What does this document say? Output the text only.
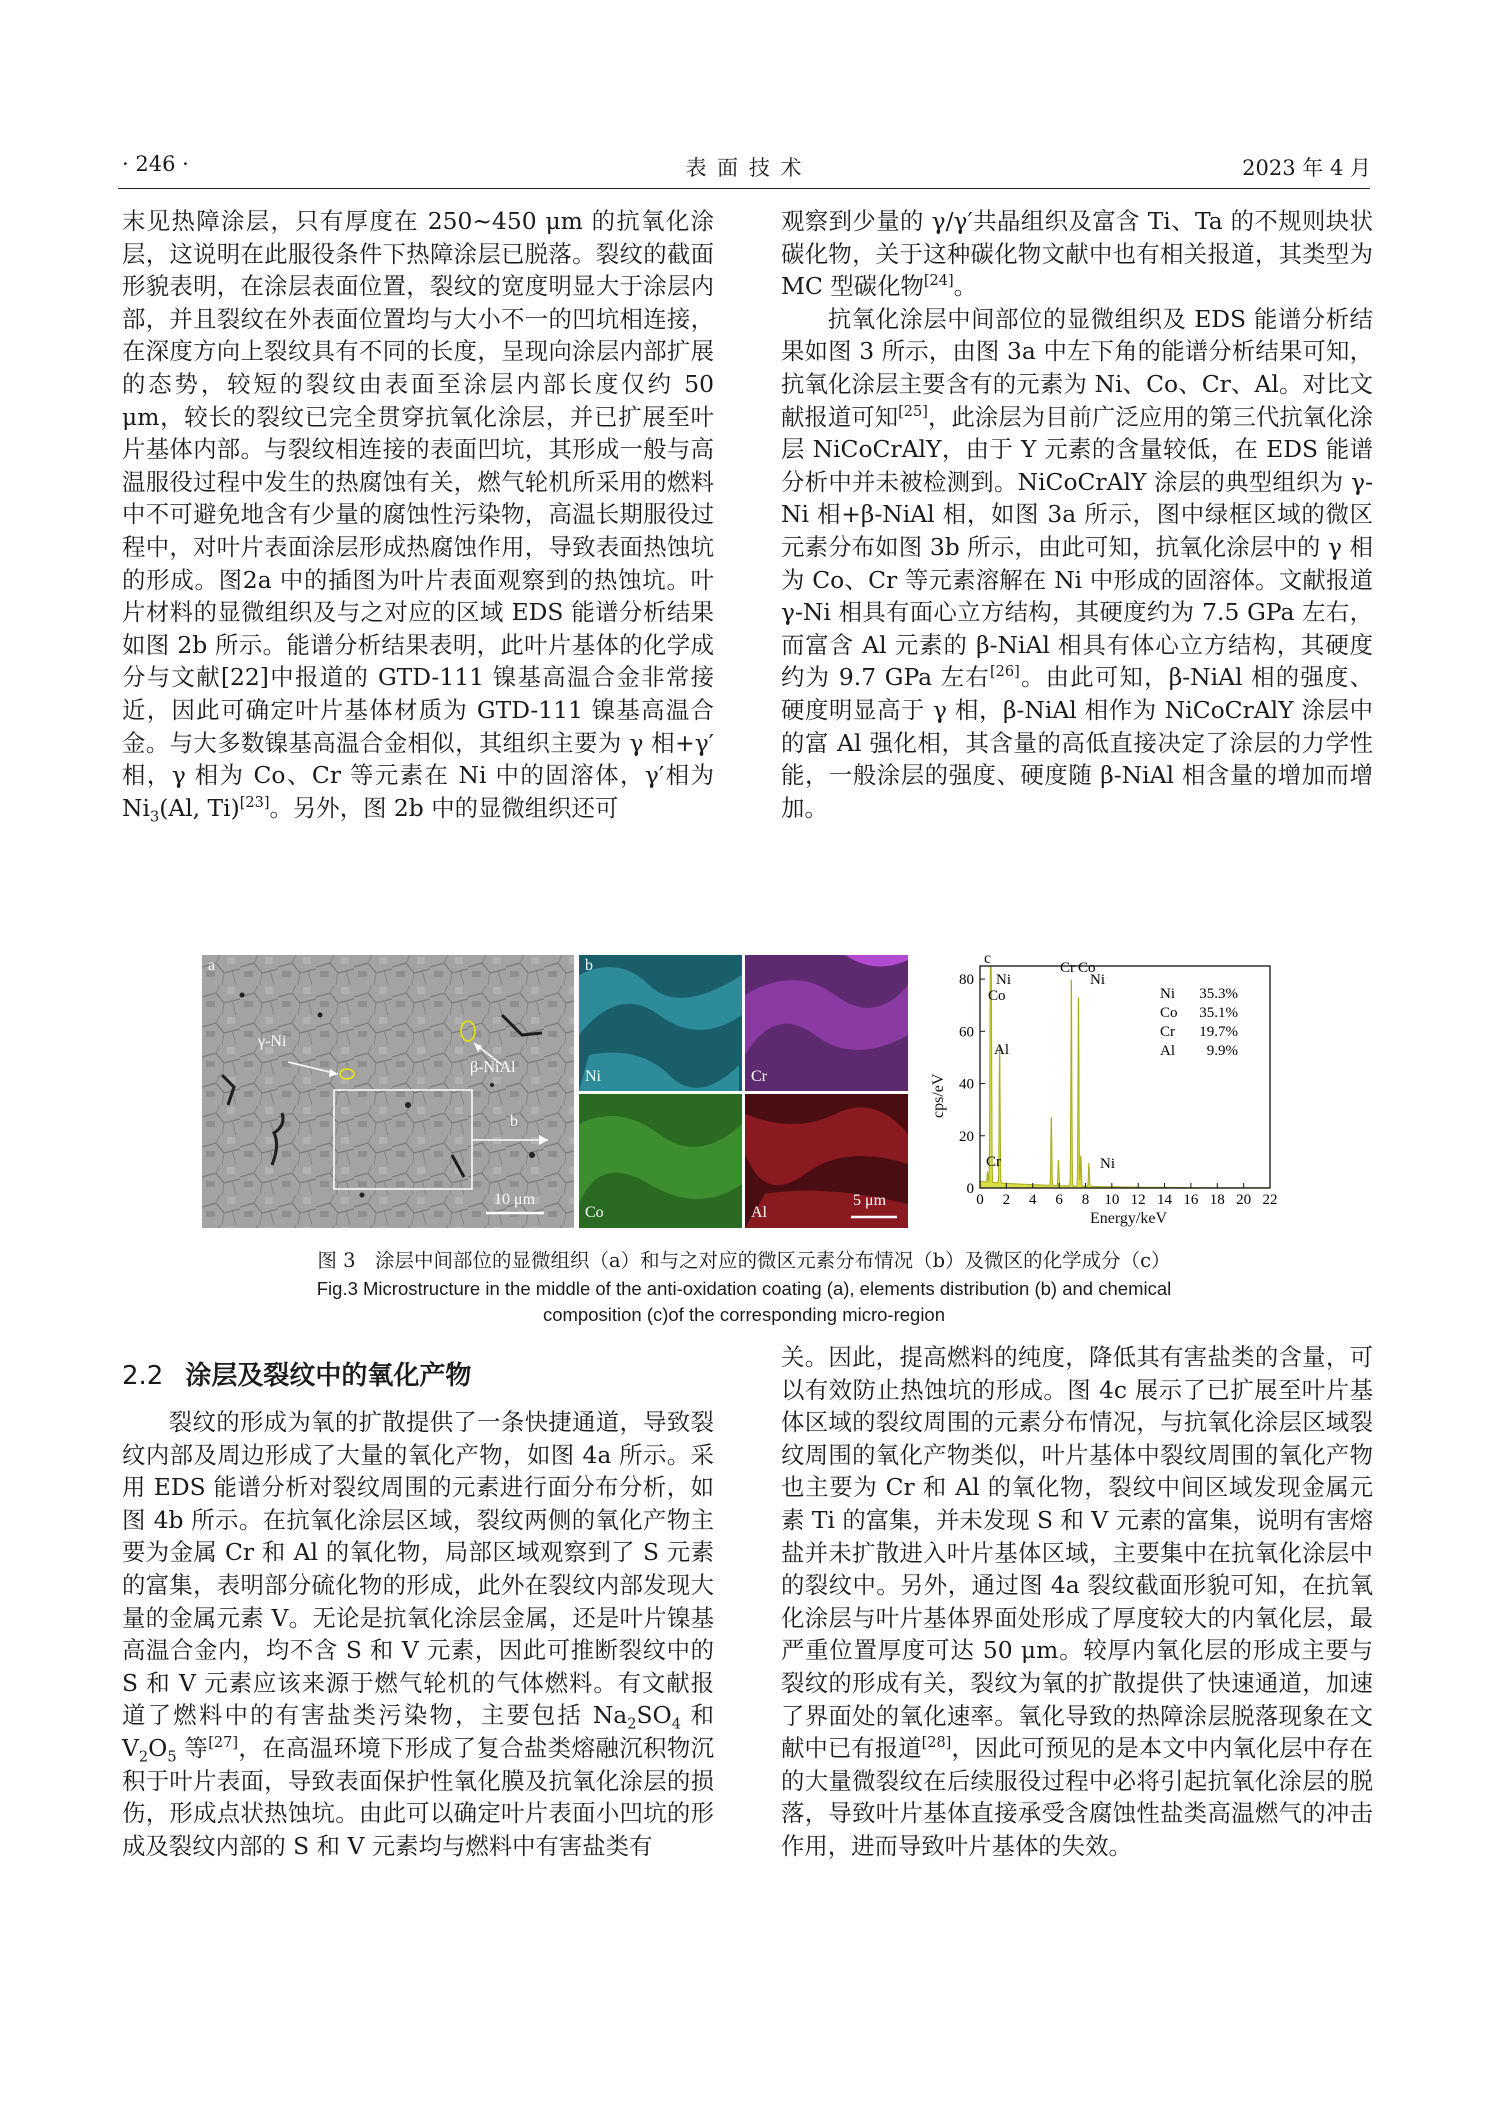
· 246 ·	表 面 技 术	2023 年 4 月

末见热障涂层，只有厚度在 250~450 μm 的抗氧化涂层，这说明在此服役条件下热障涂层已脱落。裂纹的截面形貌表明，在涂层表面位置，裂纹的宽度明显大于涂层内部，并且裂纹在外表面位置均与大小不一的凹坑相连接，在深度方向上裂纹具有不同的长度，呈现向涂层内部扩展的态势，较短的裂纹由表面至涂层内部长度仅约 50 μm，较长的裂纹已完全贯穿抗氧化涂层，并已扩展至叶片基体内部。与裂纹相连接的表面凹坑，其形成一般与高温服役过程中发生的热腐蚀有关，燃气轮机所采用的燃料中不可避免地含有少量的腐蚀性污染物，高温长期服役过程中，对叶片表面涂层形成热腐蚀作用，导致表面热蚀坑的形成。图2a 中的插图为叶片表面观察到的热蚀坑。叶片材料的显微组织及与之对应的区域 EDS 能谱分析结果如图 2b 所示。能谱分析结果表明，此叶片基体的化学成分与文献[22]中报道的 GTD-111 镍基高温合金非常接近，因此可确定叶片基体材质为 GTD-111 镍基高温合金。与大多数镍基高温合金相似，其组织主要为 γ 相+γ′相，γ 相为 Co、Cr 等元素在 Ni 中的固溶体，γ′相为 $Ni_3(Al$, Ti)[23]。另外，图 2b 中的显微组织还可

观察到少量的 γ/γ′共晶组织及富含 Ti、Ta 的不规则块状碳化物，关于这种碳化物文献中也有相关报道，其类型为 MC 型碳化物[24]。

抗氧化涂层中间部位的显微组织及 EDS 能谱分析结果如图 3 所示，由图 3a 中左下角的能谱分析结果可知，抗氧化涂层主要含有的元素为 Ni、Co、Cr、Al。对比文献报道可知[25]，此涂层为目前广泛应用的第三代抗氧化涂层 NiCoCrAlY，由于 Y 元素的含量较低，在 EDS 能谱分析中并未被检测到。NiCoCrAlY 涂层的典型组织为 γ-Ni 相+β-NiAl 相，如图 3a 所示，图中绿框区域的微区元素分布如图 3b 所示，由此可知，抗氧化涂层中的 γ 相为 Co、Cr 等元素溶解在 Ni 中形成的固溶体。文献报道 γ-Ni 相具有面心立方结构，其硬度约为 7.5 GPa 左右，而富含 Al 元素的 β-NiAl 相具有体心立方结构，其硬度约为 9.7 GPa 左右[26]。由此可知，β-NiAl 相的强度、硬度明显高于 γ 相，β-NiAl 相作为 NiCoCrAlY 涂层中的富 Al 强化相，其含量的高低直接决定了涂层的力学性能，一般涂层的强度、硬度随 β-NiAl 相含量的增加而增加。

a
γ-Ni
β-NiAl
b
10 μm
b
Ni	Cr
Co	Al
5 μm	0 2 4 6 8 10 12 14 16 18 20 22
0
20
40
60
80
Co
Ni
Al
Cr
Co
Ni
Ni
Cr
Ni 35.3%
Co 35.1%
Cr 19.7%
Al 9.9%
c
cps/eV
Energy/keV
图 3　涂层中间部位的显微组织（a）和与之对应的微区元素分布情况（b）及微区的化学成分（c）
Fig.3 Microstructure in the middle of the anti-oxidation coating (a), elements distribution (b) and chemical
composition (c)of the corresponding micro-region
2.2 涂层及裂纹中的氧化产物

裂纹的形成为氧的扩散提供了一条快捷通道，导致裂纹内部及周边形成了大量的氧化产物，如图 4a 所示。采用 EDS 能谱分析对裂纹周围的元素进行面分布分析，如图 4b 所示。在抗氧化涂层区域，裂纹两侧的氧化产物主要为金属 Cr 和 Al 的氧化物，局部区域观察到了 S 元素的富集，表明部分硫化物的形成，此外在裂纹内部发现大量的金属元素 V。无论是抗氧化涂层金属，还是叶片镍基高温合金内，均不含 S 和 V 元素，因此可推断裂纹中的 S 和 V 元素应该来源于燃气轮机的气体燃料。有文献报道了燃料中的有害盐类污染物，主要包括 $Na_2SO_4$ 和 $V_2O_5$ 等[27]，在高温环境下形成了复合盐类熔融沉积物沉积于叶片表面，导致表面保护性氧化膜及抗氧化涂层的损伤，形成点状热蚀坑。由此可以确定叶片表面小凹坑的形成及裂纹内部的 S 和 V 元素均与燃料中有害盐类有

关。因此，提高燃料的纯度，降低其有害盐类的含量，可以有效防止热蚀坑的形成。图 4c 展示了已扩展至叶片基体区域的裂纹周围的元素分布情况，与抗氧化涂层区域裂纹周围的氧化产物类似，叶片基体中裂纹周围的氧化产物也主要为 Cr 和 Al 的氧化物，裂纹中间区域发现金属元素 Ti 的富集，并未发现 S 和 V 元素的富集，说明有害熔盐并未扩散进入叶片基体区域，主要集中在抗氧化涂层中的裂纹中。另外，通过图 4a 裂纹截面形貌可知，在抗氧化涂层与叶片基体界面处形成了厚度较大的内氧化层，最严重位置厚度可达 50 μm。较厚内氧化层的形成主要与裂纹的形成有关，裂纹为氧的扩散提供了快速通道，加速了界面处的氧化速率。氧化导致的热障涂层脱落现象在文献中已有报道[28]，因此可预见的是本文中内氧化层中存在的大量微裂纹在后续服役过程中必将引起抗氧化涂层的脱落，导致叶片基体直接承受含腐蚀性盐类高温燃气的冲击作用，进而导致叶片基体的失效。
